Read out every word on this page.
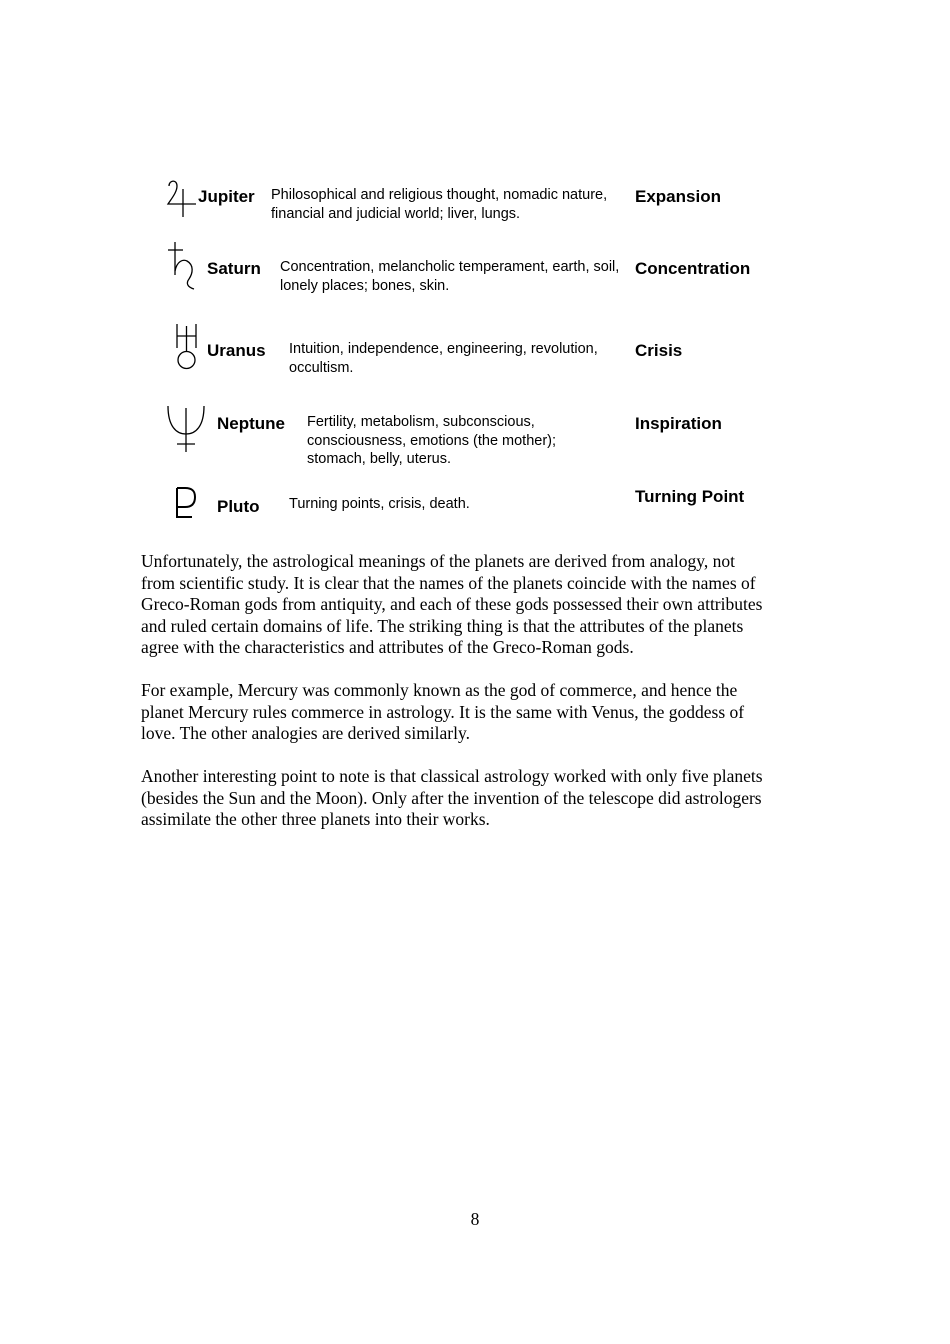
Jupiter Philosophical and religious thought, nomadic nature,
financial and judicial world; liver, lungs.
Expansion
Saturn Concentration, melancholic temperament, earth, soil,
lonely places; bones, skin.
Concentration
Uranus Intuition, independence, engineering, revolution,
occultism.
Crisis
Neptune Fertility, metabolism, subconscious,
consciousness, emotions (the mother);
stomach, belly, uterus.
Inspiration
Pluto Turning points, crisis, death.	Turning Point
Unfortunately, the astrological meanings of the planets are derived from analogy, not
from scientific study. It is clear that the names of the planets coincide with the names of
Greco-Roman gods from antiquity, and each of these gods possessed their own attributes
and ruled certain domains of life. The striking thing is that the attributes of the planets
agree with the characteristics and attributes of the Greco-Roman gods.
For example, Mercury was commonly known as the god of commerce, and hence the
planet Mercury rules commerce in astrology. It is the same with Venus, the goddess of
love. The other analogies are derived similarly.
Another interesting point to note is that classical astrology worked with only five planets
(besides the Sun and the Moon). Only after the invention of the telescope did astrologers
assimilate the other three planets into their works.
8
